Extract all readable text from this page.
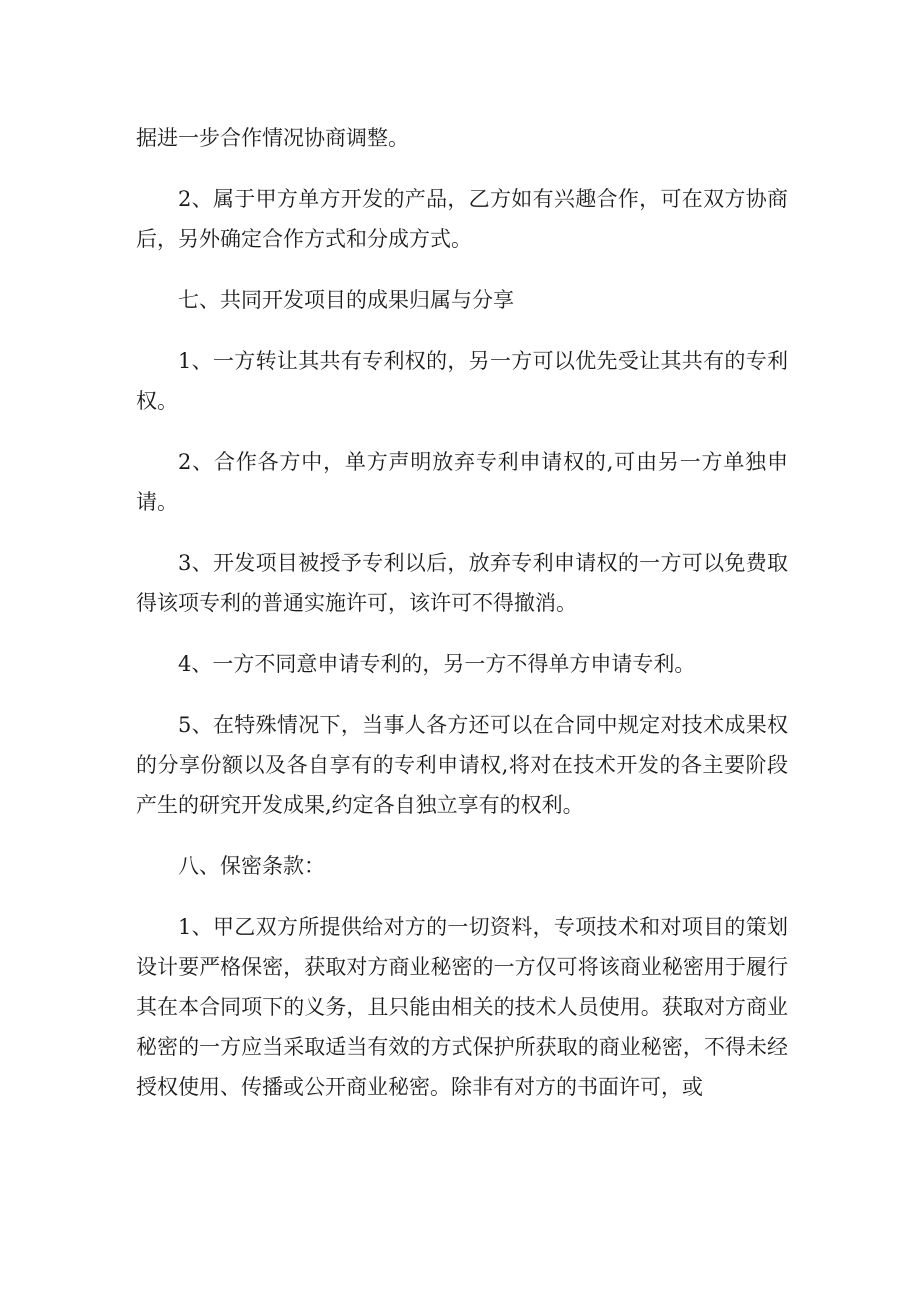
据进一步合作情况协商调整。

2、属于甲方单方开发的产品，乙方如有兴趣合作，可在双方协商后，另外确定合作方式和分成方式。

七、共同开发项目的成果归属与分享

1、一方转让其共有专利权的，另一方可以优先受让其共有的专利权。

2、合作各方中，单方声明放弃专利申请权的,可由另一方单独申请。

3、开发项目被授予专利以后，放弃专利申请权的一方可以免费取得该项专利的普通实施许可，该许可不得撤消。

4、一方不同意申请专利的，另一方不得单方申请专利。

5、在特殊情况下，当事人各方还可以在合同中规定对技术成果权的分享份额以及各自享有的专利申请权,将对在技术开发的各主要阶段产生的研究开发成果,约定各自独立享有的权利。

八、保密条款：

1、甲乙双方所提供给对方的一切资料，专项技术和对项目的策划设计要严格保密，获取对方商业秘密的一方仅可将该商业秘密用于履行其在本合同项下的义务，且只能由相关的技术人员使用。获取对方商业秘密的一方应当采取适当有效的方式保护所获取的商业秘密，不得未经授权使用、传播或公开商业秘密。除非有对方的书面许可，或
